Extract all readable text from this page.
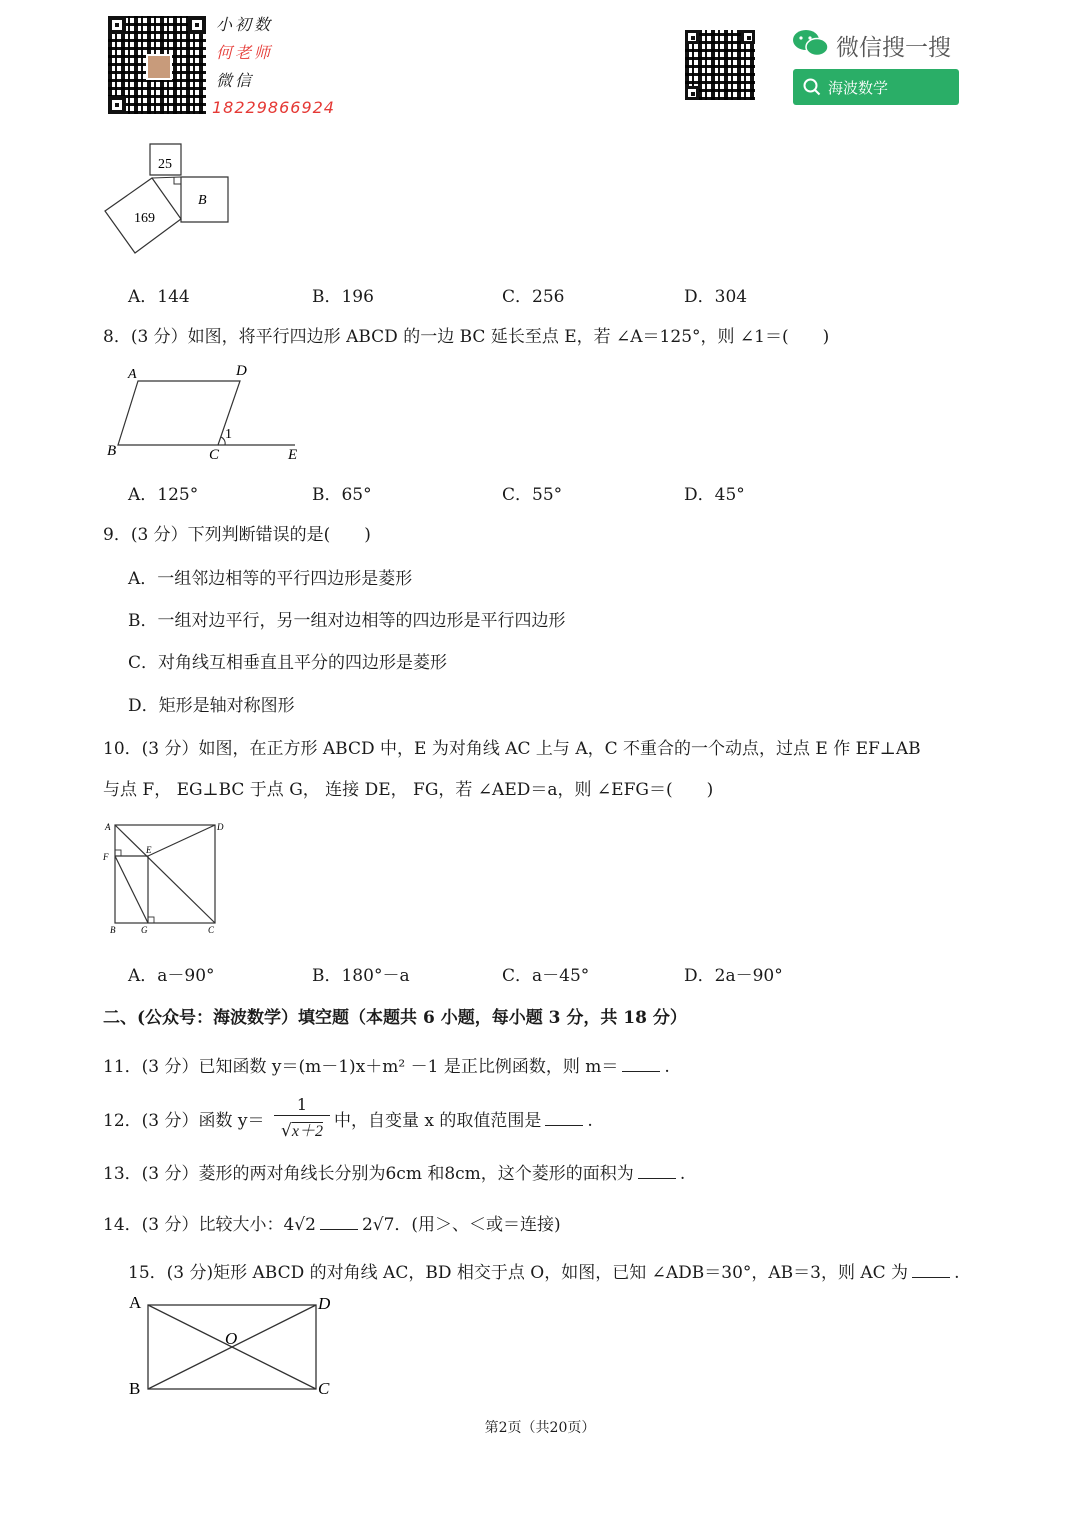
小初数
何老师
微信
18229866924
微信搜一搜
海波数学
25
169
B
A．144	B．196	C．256	D．304
8．(3 分）如图，将平行四边形 ABCD 的一边 BC 延长至点 E，若 ∠A＝125°，则 ∠1＝(　　)
A	D
B	C	E
1
A．125°	B．65°	C．55°	D．45°
9．(3 分）下列判断错误的是(　　)
A．一组邻边相等的平行四边形是菱形
B．一组对边平行，另一组对边相等的四边形是平行四边形
C．对角线互相垂直且平分的四边形是菱形
D．矩形是轴对称图形
10．(3 分）如图，在正方形 ABCD 中，E 为对角线 AC 上与 A，C 不重合的一个动点，过点 E 作 EF⊥AB
与点 F， EG⊥BC 于点 G， 连接 DE， FG，若 ∠AED＝a，则 ∠EFG＝(　　)
A	D
F
E
B	G	C
A．a－90°	B．180°－a	C．a－45°	D．2a－90°
二、(公众号：海波数学）填空题（本题共 6 小题，每小题 3 分，共 18 分）
11．(3 分）已知函数 y＝(m－1)x＋m² －1 是正比例函数，则 m＝	.
12．(3 分）函数 $y= \frac{1}{√x+2}$ 中，自变量 x 的取值范围是	.
13．(3 分）菱形的两对角线长分别为6cm 和8cm，这个菱形的面积为	.
14．(3 分）比较大小：4√2	2√7．(用＞、＜或＝连接)
15．(3 分)矩形 ABCD 的对角线 AC，BD 相交于点 O，如图，已知 ∠ADB＝30°，AB＝3，则 AC 为	.
A	D
O
B	C
第2页（共20页）
